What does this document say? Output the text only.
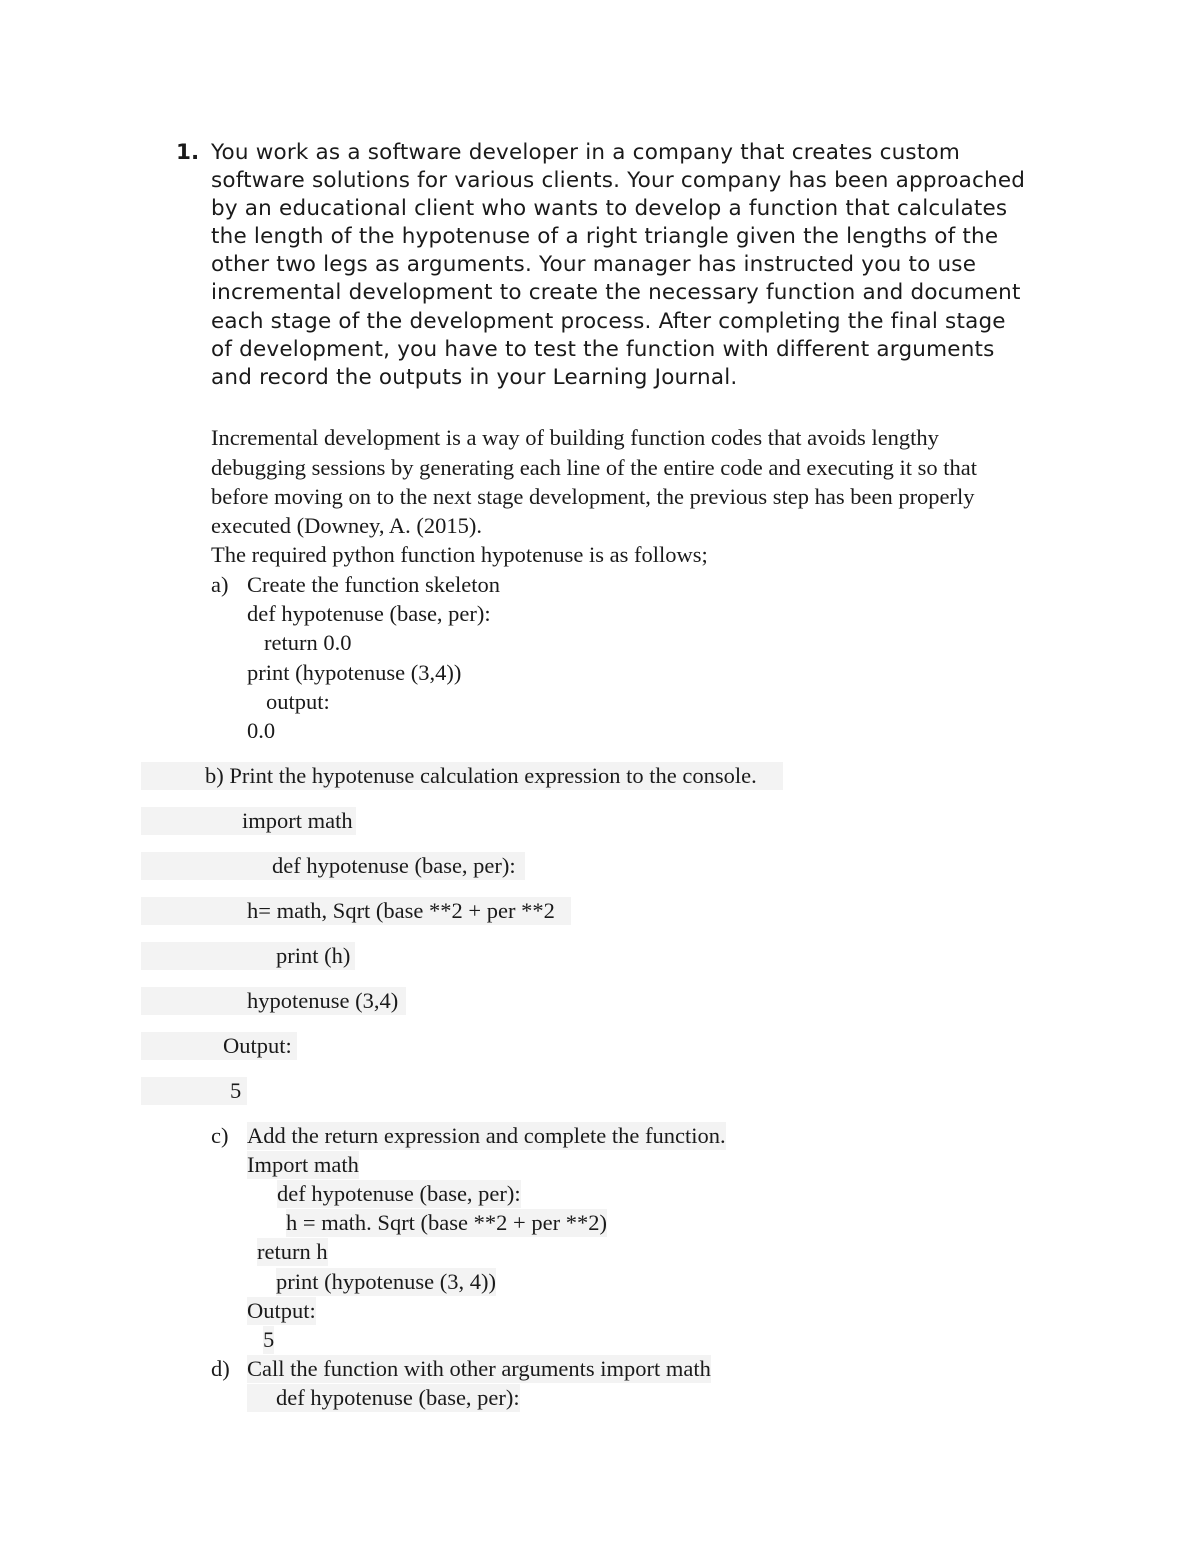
1. You work as a software developer in a company that creates custom
software solutions for various clients. Your company has been approached
by an educational client who wants to develop a function that calculates
the length of the hypotenuse of a right triangle given the lengths of the
other two legs as arguments. Your manager has instructed you to use
incremental development to create the necessary function and document
each stage of the development process. After completing the final stage
of development, you have to test the function with different arguments
and record the outputs in your Learning Journal.
Incremental development is a way of building function codes that avoids lengthy
debugging sessions by generating each line of the entire code and executing it so that
before moving on to the next stage development, the previous step has been properly
executed (Downey, A. (2015).
The required python function hypotenuse is as follows;
a) Create the function skeleton
def hypotenuse (base, per):
return 0.0
print (hypotenuse (3,4))
output:
0.0
b) Print the hypotenuse calculation expression to the console.
import math
def hypotenuse (base, per):
h= math, Sqrt (base **2 + per **2
print (h)
hypotenuse (3,4)
Output:
5
c) Add the return expression and complete the function.
Import math
def hypotenuse (base, per):
h = math. Sqrt (base **2 + per **2)
return h
print (hypotenuse (3, 4))
Output:
5
d) Call the function with other arguments import math
def hypotenuse (base, per):
